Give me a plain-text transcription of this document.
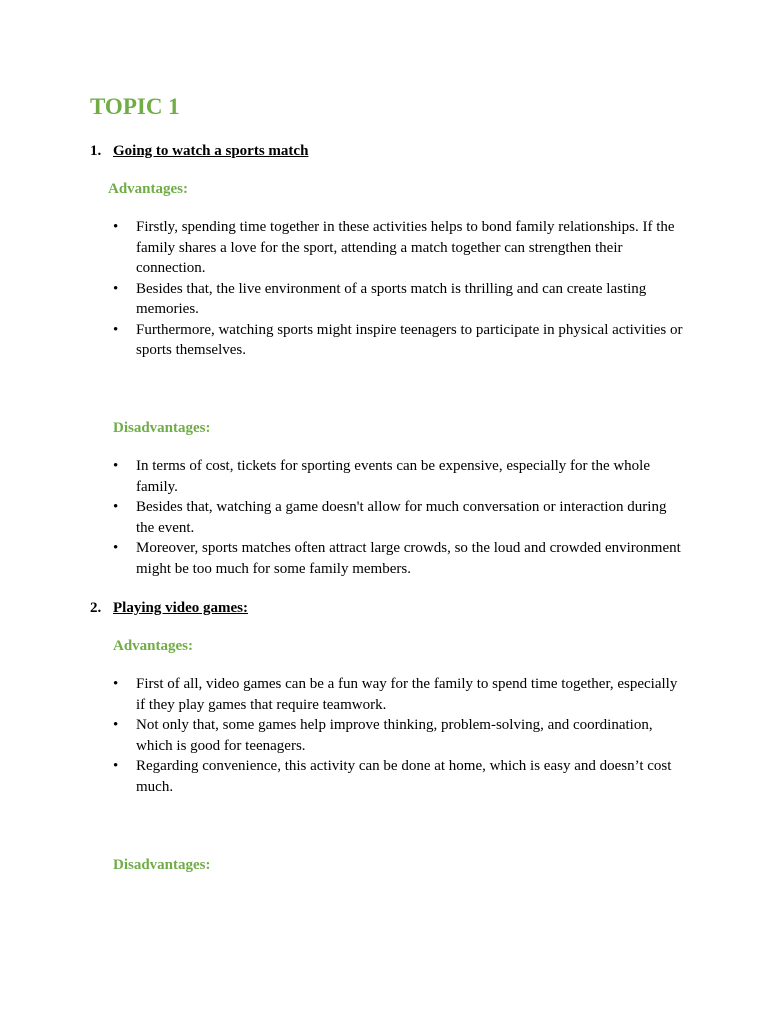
TOPIC 1
1. Going to watch a sports match

Advantages:

• Firstly, spending time together in these activities helps to bond family relationships. If the family shares a love for the sport, attending a match together can strengthen their connection.
• Besides that, the live environment of a sports match is thrilling and can create lasting memories.
• Furthermore, watching sports might inspire teenagers to participate in physical activities or sports themselves.

Disadvantages:

• In terms of cost, tickets for sporting events can be expensive, especially for the whole family.
• Besides that, watching a game doesn't allow for much conversation or interaction during the event.
• Moreover, sports matches often attract large crowds, so the loud and crowded environment might be too much for some family members.
2. Playing video games:

Advantages:

• First of all, video games can be a fun way for the family to spend time together, especially if they play games that require teamwork.
• Not only that, some games help improve thinking, problem-solving, and coordination, which is good for teenagers.
• Regarding convenience, this activity can be done at home, which is easy and doesn’t cost much.

Disadvantages:
